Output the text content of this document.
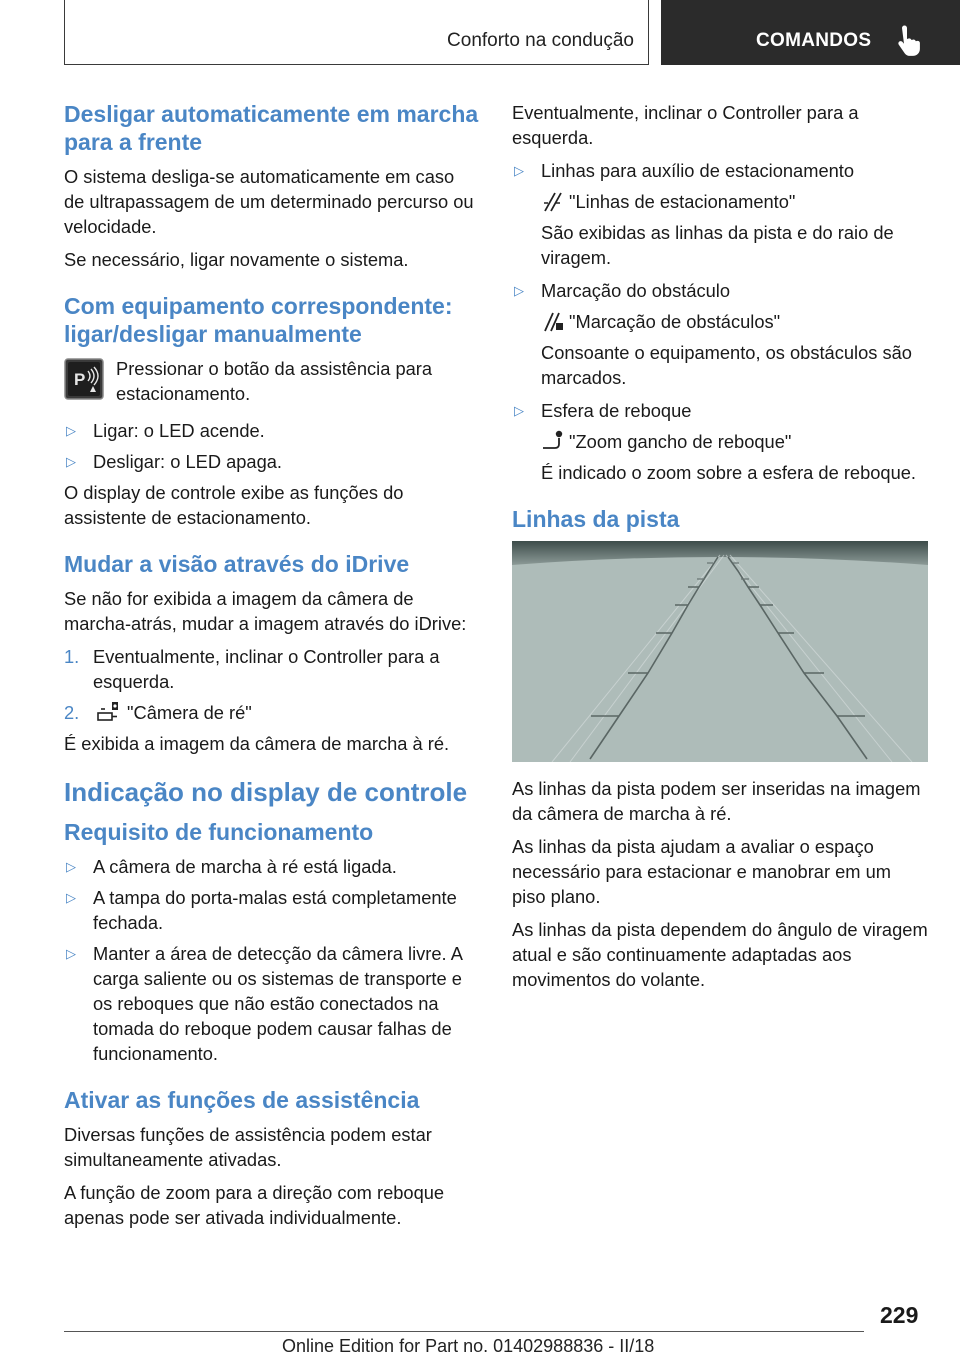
Conforto na condução	COMANDOS
Desligar automaticamente em marcha para a frente

O sistema desliga-se automaticamente em caso de ultrapassagem de um determinado percurso ou velocidade.

Se necessário, ligar novamente o sistema.

Com equipamento correspondente: ligar/desligar manualmente
P

Pressionar o botão da assistência para estacionamento.

▷ Ligar: o LED acende.
▷ Desligar: o LED apaga.

O display de controle exibe as funções do assistente de estacionamento.

Mudar a visão através do iDrive

Se não for exibida a imagem da câmera de marcha-atrás, mudar a imagem através do iDrive:

1. Eventualmente, inclinar o Controller para a esquerda.
2.	"Câmera de ré"

É exibida a imagem da câmera de marcha à ré.

Indicação no display de controle
Requisito de funcionamento
▷ A câmera de marcha à ré está ligada.
▷ A tampa do porta-malas está completamente fechada.
▷ Manter a área de detecção da câmera livre. A carga saliente ou os sistemas de transporte e os reboques que não estão conectados na tomada do reboque podem causar falhas de funcionamento.
Ativar as funções de assistência

Diversas funções de assistência podem estar simultaneamente ativadas.

A função de zoom para a direção com reboque apenas pode ser ativada individualmente.

Eventualmente, inclinar o Controller para a esquerda.

▷ Linhas para auxílio de estacionamento
"Linhas de estacionamento"

São exibidas as linhas da pista e do raio de viragem.

▷ Marcação do obstáculo
"Marcação de obstáculos"

Consoante o equipamento, os obstáculos são marcados.

▷ Esfera de reboque
"Zoom gancho de reboque"

É indicado o zoom sobre a esfera de reboque.

Linhas da pista

As linhas da pista podem ser inseridas na imagem da câmera de marcha à ré.

As linhas da pista ajudam a avaliar o espaço necessário para estacionar e manobrar em um piso plano.

As linhas da pista dependem do ângulo de viragem atual e são continuamente adaptadas aos movimentos do volante.

229
Online Edition for Part no. 01402988836 - II/18
